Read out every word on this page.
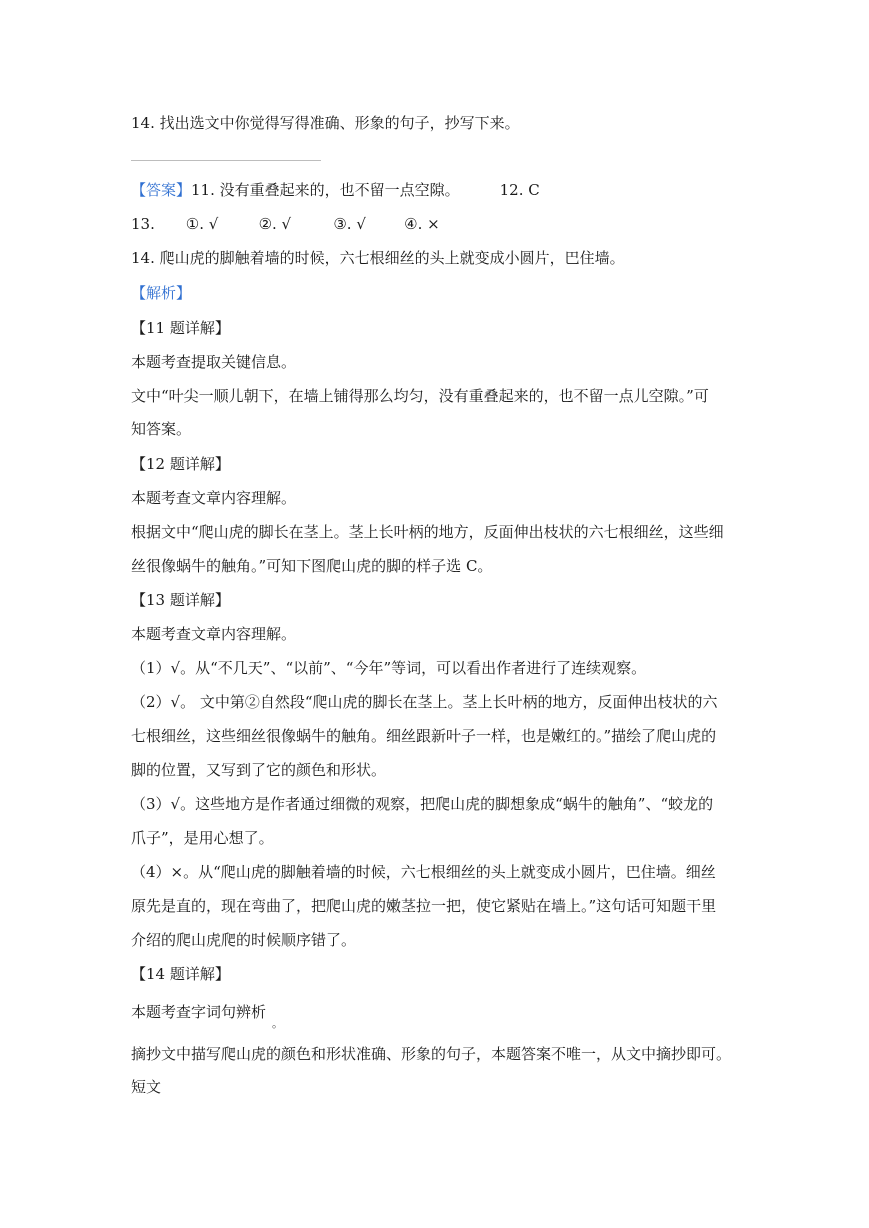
14. 找出选文中你觉得写得准确、形象的句子，抄写下来。
【答案】11. 没有重叠起来的，也不留一点空隙。	12. C
13. ①. √	②. √	③. √	④. ×
14. 爬山虎的脚触着墙的时候，六七根细丝的头上就变成小圆片，巴住墙。
【解析】
【11 题详解】
本题考查提取关键信息。
文中“叶尖一顺儿朝下，在墙上铺得那么均匀，没有重叠起来的，也不留一点儿空隙。”可
知答案。
【12 题详解】
本题考查文章内容理解。
根据文中“爬山虎的脚长在茎上。茎上长叶柄的地方，反面伸出枝状的六七根细丝，这些细
丝很像蜗牛的触角。”可知下图爬山虎的脚的样子选 C。
【13 题详解】
本题考查文章内容理解。
（1）√。从“不几天”、“以前”、“今年”等词，可以看出作者进行了连续观察。
（2）√。 文中第②自然段“爬山虎的脚长在茎上。茎上长叶柄的地方，反面伸出枝状的六
七根细丝，这些细丝很像蜗牛的触角。细丝跟新叶子一样，也是嫩红的。”描绘了爬山虎的
脚的位置，又写到了它的颜色和形状。
（3）√。这些地方是作者通过细微的观察，把爬山虎的脚想象成“蜗牛的触角”、“蛟龙的
爪子”，是用心想了。
（4）×。从“爬山虎的脚触着墙的时候，六七根细丝的头上就变成小圆片，巴住墙。细丝
原先是直的，现在弯曲了，把爬山虎的嫩茎拉一把，使它紧贴在墙上。”这句话可知题干里
介绍的爬山虎爬的时候顺序错了。
【14 题详解】
本题考查字词句辨析
。
摘抄文中描写爬山虎的颜色和形状准确、形象的句子，本题答案不唯一，从文中摘抄即可。
短文
